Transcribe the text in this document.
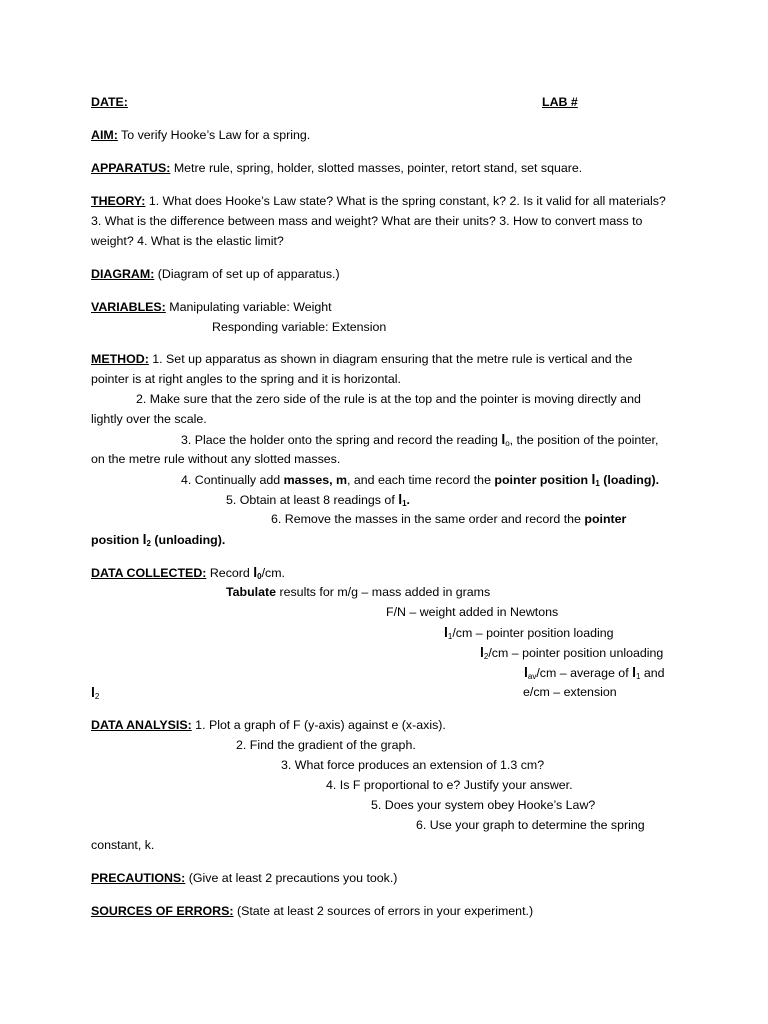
DATE:	LAB #
AIM: To verify Hooke’s Law for a spring.
APPARATUS: Metre rule, spring, holder, slotted masses, pointer, retort stand, set square.
THEORY: 1. What does Hooke’s Law state? What is the spring constant, k? 2. Is it valid for all materials?
3. What is the difference between mass and weight? What are their units? 3. How to convert mass to
weight? 4. What is the elastic limit?
DIAGRAM: (Diagram of set up of apparatus.)
VARIABLES: Manipulating variable: Weight
Responding variable: Extension
METHOD: 1. Set up apparatus as shown in diagram ensuring that the metre rule is vertical and the
pointer is at right angles to the spring and it is horizontal.
2. Make sure that the zero side of the rule is at the top and the pointer is moving directly and
lightly over the scale.
3. Place the holder onto the spring and record the reading $l_o$, the position of the pointer,
on the metre rule without any slotted masses.
4. Continually add masses, m, and each time record the pointer position $l_1$ (loading).
5. Obtain at least 8 readings of $l_1$.
6. Remove the masses in the same order and record the pointer
position $l_2$ (unloading).
DATA COLLECTED: Record $l_0/cm$.
Tabulate results for m/g – mass added in grams
F/N – weight added in Newtons
$l_1/cm$ – pointer position loading
$l_2/cm$ – pointer position unloading
$l_{av}/cm$ – average of $l_1$ and
$l_2$	e/cm – extension
DATA ANALYSIS: 1. Plot a graph of F (y-axis) against e (x-axis).
2. Find the gradient of the graph.
3. What force produces an extension of 1.3 cm?
4. Is F proportional to e? Justify your answer.
5. Does your system obey Hooke’s Law?
6. Use your graph to determine the spring
constant, k.
PRECAUTIONS: (Give at least 2 precautions you took.)
SOURCES OF ERRORS: (State at least 2 sources of errors in your experiment.)
